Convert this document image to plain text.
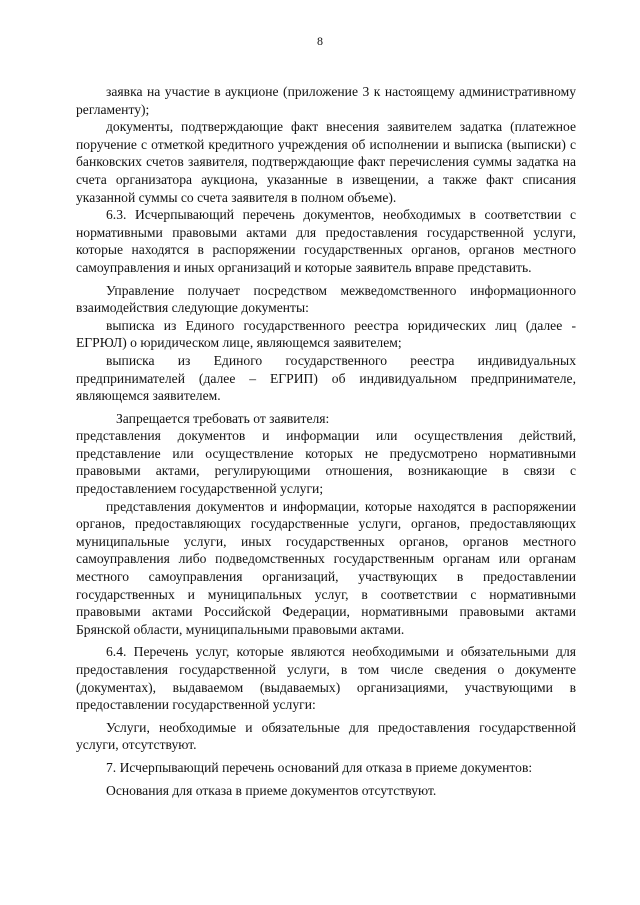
8

заявка на участие в аукционе (приложение 3 к настоящему административному регламенту);

документы, подтверждающие факт внесения заявителем задатка (платежное поручение с отметкой кредитного учреждения об исполнении и выписка (выписки) с банковских счетов заявителя, подтверждающие факт перечисления суммы задатка на счета организатора аукциона, указанные в извещении, а также факт списания указанной суммы со счета заявителя в полном объеме).

6.3. Исчерпывающий перечень документов, необходимых в соответствии с нормативными правовыми актами для предоставления государственной услуги, которые находятся в распоряжении государственных органов, органов местного самоуправления и иных организаций и которые заявитель вправе представить.

Управление получает посредством межведомственного информационного взаимодействия следующие документы:

выписка из Единого государственного реестра юридических лиц (далее - ЕГРЮЛ) о юридическом лице, являющемся заявителем;

выписка из Единого государственного реестра индивидуальных предпринимателей (далее – ЕГРИП) об индивидуальном предпринимателе, являющемся заявителем.

Запрещается требовать от заявителя:

представления документов и информации или осуществления действий, представление или осуществление которых не предусмотрено нормативными правовыми актами, регулирующими отношения, возникающие в связи с предоставлением государственной услуги;

представления документов и информации, которые находятся в распоряжении органов, предоставляющих государственные услуги, органов, предоставляющих муниципальные услуги, иных государственных органов, органов местного самоуправления либо подведомственных государственным органам или органам местного самоуправления организаций, участвующих в предоставлении государственных и муниципальных услуг, в соответствии с нормативными правовыми актами Российской Федерации, нормативными правовыми актами Брянской области, муниципальными правовыми актами.

6.4. Перечень услуг, которые являются необходимыми и обязательными для предоставления государственной услуги, в том числе сведения о документе (документах), выдаваемом (выдаваемых) организациями, участвующими в предоставлении государственной услуги:

Услуги, необходимые и обязательные для предоставления государственной услуги, отсутствуют.

7. Исчерпывающий перечень оснований для отказа в приеме документов:

Основания для отказа в приеме документов отсутствуют.
